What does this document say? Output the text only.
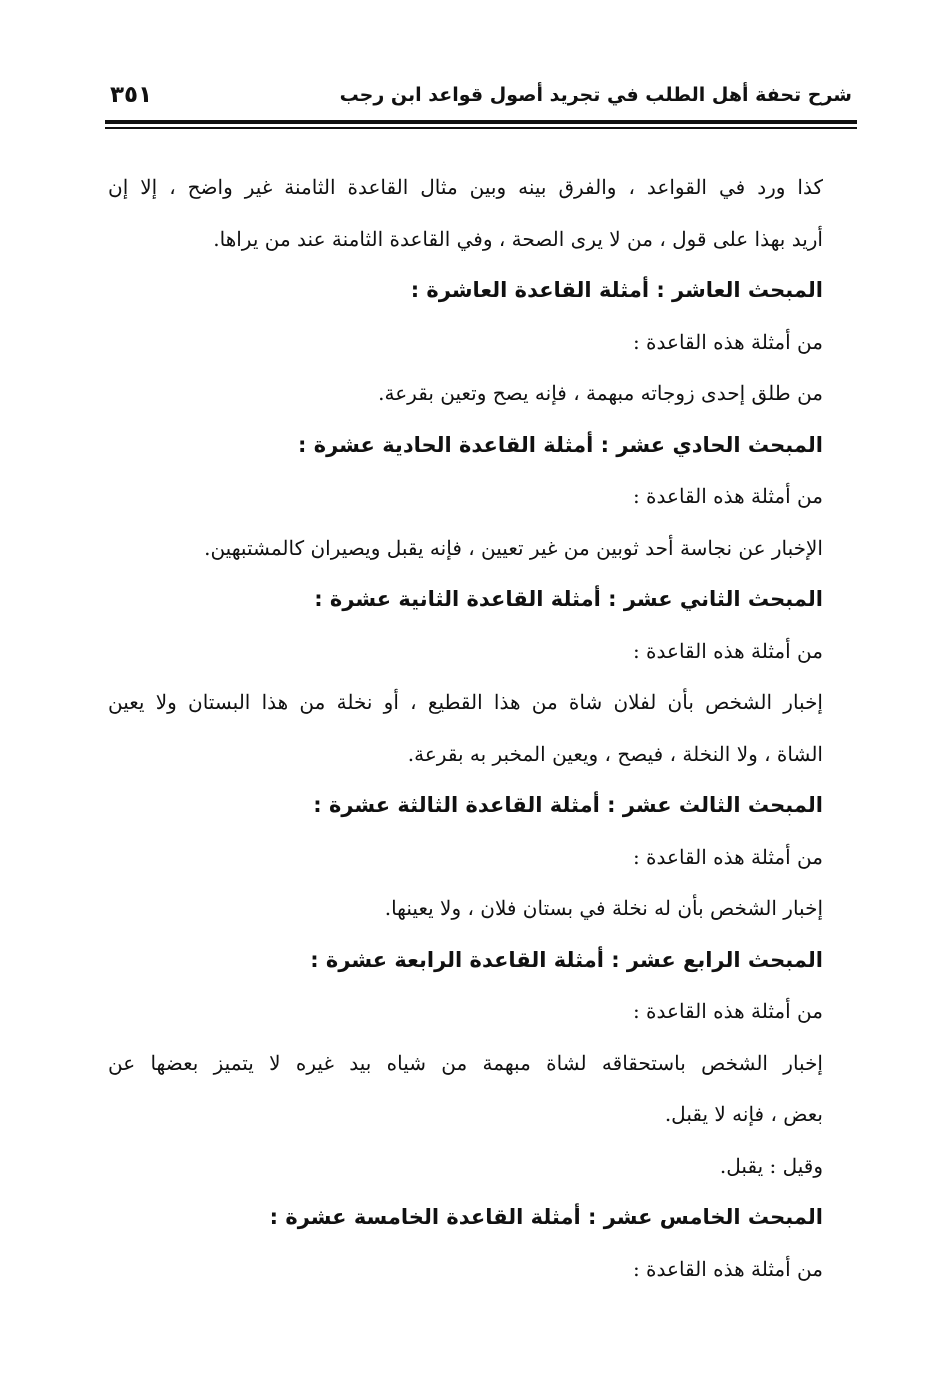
شرح تحفة أهل الطلب في تجريد أصول قواعد ابن رجب
٣٥١
كذا ورد في القواعد ، والفرق بينه وبين مثال القاعدة الثامنة غير واضح ، إلا إن
أريد بهذا على قول ، من لا يرى الصحة ، وفي القاعدة الثامنة عند من يراها.
المبحث العاشر : أمثلة القاعدة العاشرة :
من أمثلة هذه القاعدة :
من طلق إحدى زوجاته مبهمة ، فإنه يصح وتعين بقرعة.
المبحث الحادي عشر : أمثلة القاعدة الحادية عشرة :
من أمثلة هذه القاعدة :
الإخبار عن نجاسة أحد ثوبين من غير تعيين ، فإنه يقبل ويصيران كالمشتبهين.
المبحث الثاني عشر : أمثلة القاعدة الثانية عشرة :
من أمثلة هذه القاعدة :
إخبار الشخص بأن لفلان شاة من هذا القطيع ، أو نخلة من هذا البستان ولا يعين
الشاة ، ولا النخلة ، فيصح ، ويعين المخبر به بقرعة.
المبحث الثالث عشر : أمثلة القاعدة الثالثة عشرة :
من أمثلة هذه القاعدة :
إخبار الشخص بأن له نخلة في بستان فلان ، ولا يعينها.
المبحث الرابع عشر : أمثلة القاعدة الرابعة عشرة :
من أمثلة هذه القاعدة :
إخبار الشخص باستحقاقه لشاة مبهمة من شياه بيد غيره لا يتميز بعضها عن
بعض ، فإنه لا يقبل.
وقيل : يقبل.
المبحث الخامس عشر : أمثلة القاعدة الخامسة عشرة :
من أمثلة هذه القاعدة :
